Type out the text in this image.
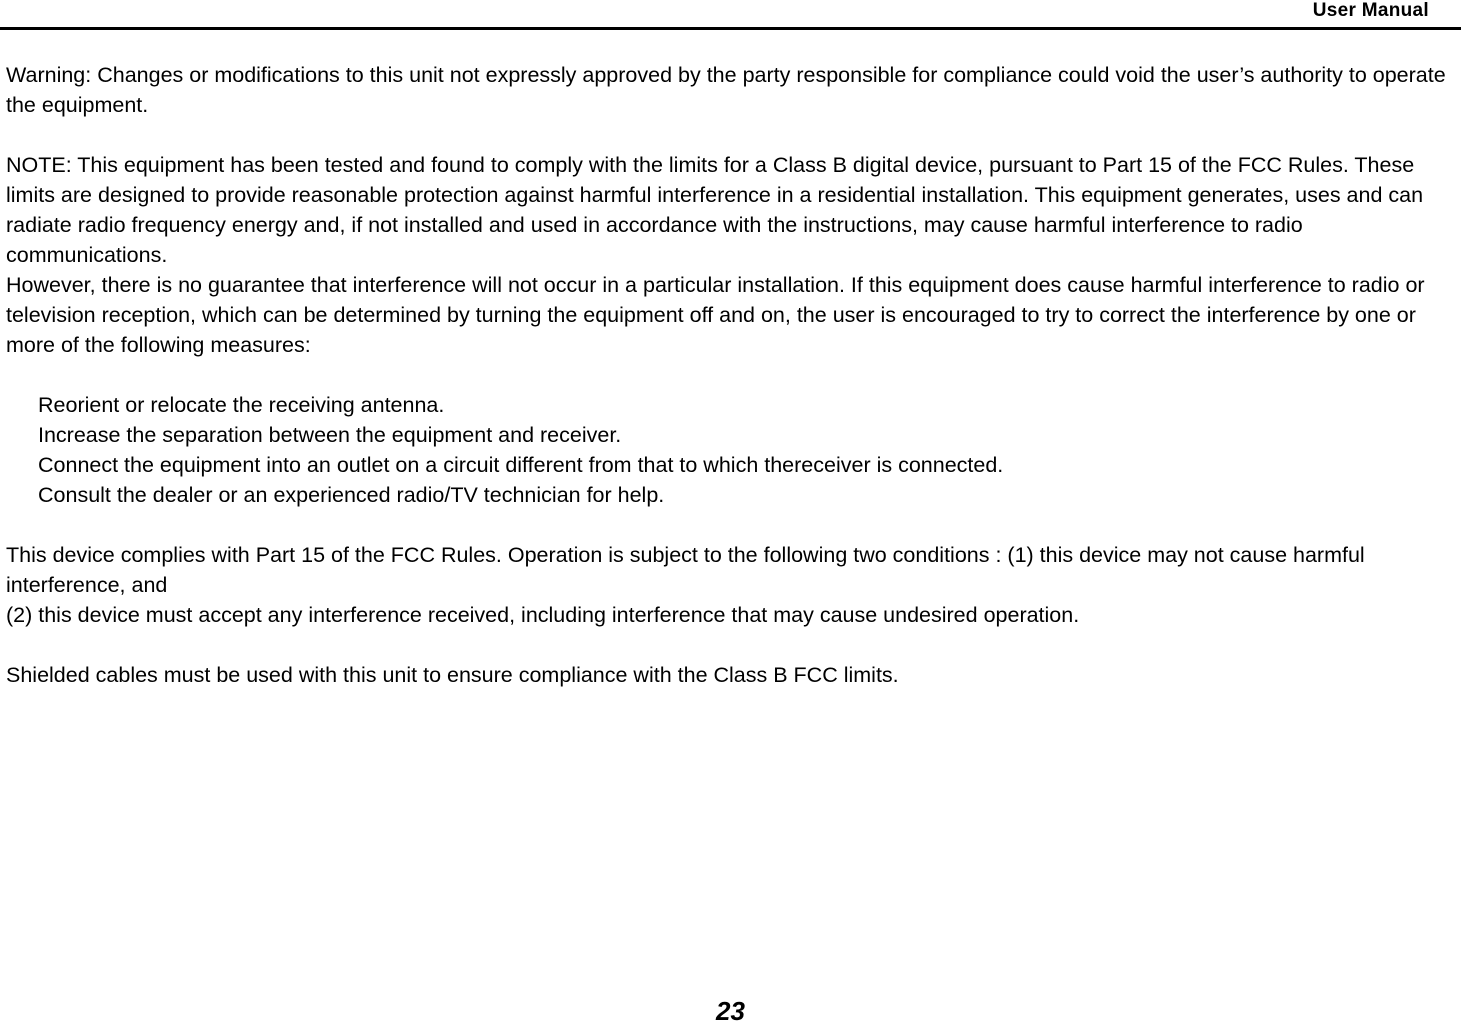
User Manual

Warning: Changes or modifications to this unit not expressly approved by the party responsible for compliance could void the user’s authority to operate the equipment.

NOTE: This equipment has been tested and found to comply with the limits for a Class B digital device, pursuant to Part 15 of the FCC Rules. These limits are designed to provide reasonable protection against harmful interference in a residential installation. This equipment generates, uses and can radiate radio frequency energy and, if not installed and used in accordance with the instructions, may cause harmful interference to radio communications.

However, there is no guarantee that interference will not occur in a particular installation. If this equipment does cause harmful interference to radio or television reception, which can be determined by turning the equipment off and on, the user is encouraged to try to correct the interference by one or more of the following measures:

Reorient or relocate the receiving antenna.
Increase the separation between the equipment and receiver.
Connect the equipment into an outlet on a circuit different from that to which thereceiver is connected.
Consult the dealer or an experienced radio/TV technician for help.

This device complies with Part 15 of the FCC Rules. Operation is subject to the following two conditions : (1) this device may not cause harmful interference, and

(2) this device must accept any interference received, including interference that may cause undesired operation.

Shielded cables must be used with this unit to ensure compliance with the Class B FCC limits.

23
